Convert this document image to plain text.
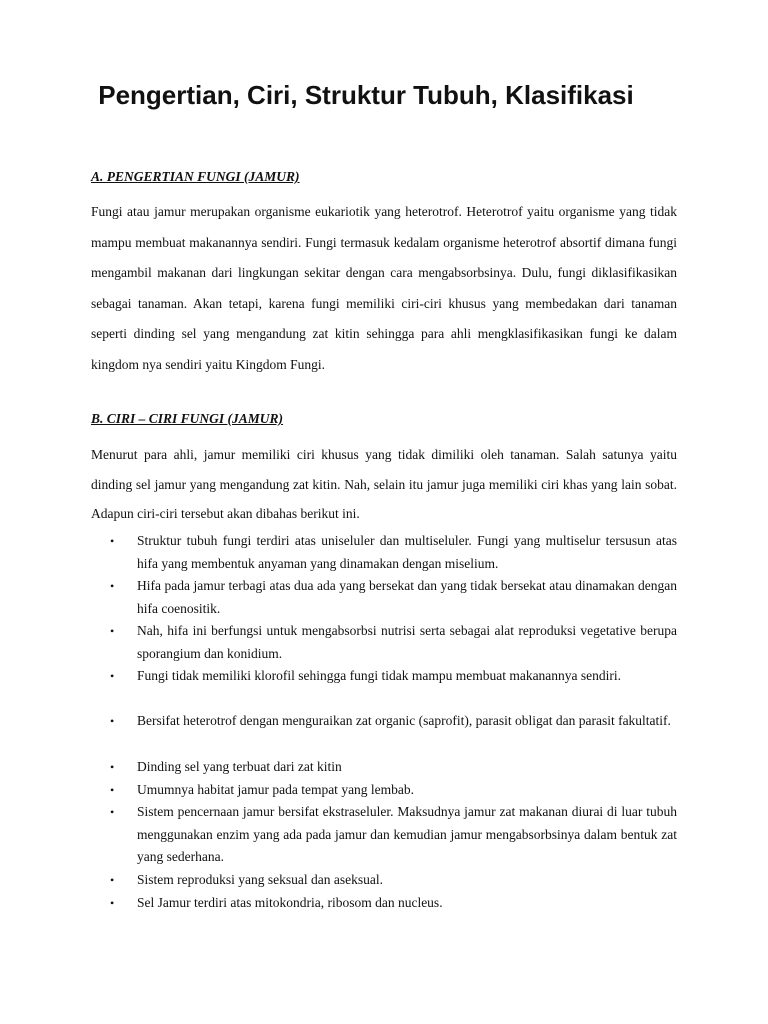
Pengertian, Ciri, Struktur Tubuh, Klasifikasi
A. PENGERTIAN FUNGI (JAMUR)

Fungi atau jamur merupakan organisme eukariotik yang heterotrof. Heterotrof yaitu organisme yang tidak mampu membuat makanannya sendiri. Fungi termasuk kedalam organisme heterotrof absortif dimana fungi mengambil makanan dari lingkungan sekitar dengan cara mengabsorbsinya. Dulu, fungi diklasifikasikan sebagai tanaman. Akan tetapi, karena fungi memiliki ciri-ciri khusus yang membedakan dari tanaman seperti dinding sel yang mengandung zat kitin sehingga para ahli mengklasifikasikan fungi ke dalam kingdom nya sendiri yaitu Kingdom Fungi.

B. CIRI – CIRI FUNGI (JAMUR)

Menurut para ahli, jamur memiliki ciri khusus yang tidak dimiliki oleh tanaman. Salah satunya yaitu dinding sel jamur yang mengandung zat kitin. Nah, selain itu jamur juga memiliki ciri khas yang lain sobat. Adapun ciri-ciri tersebut akan dibahas berikut ini.

• Struktur tubuh fungi terdiri atas uniseluler dan multiseluler. Fungi yang multiselur tersusun atas hifa yang membentuk anyaman yang dinamakan dengan miselium.
• Hifa pada jamur terbagi atas dua ada yang bersekat dan yang tidak bersekat atau dinamakan dengan hifa coenositik.
• Nah, hifa ini berfungsi untuk mengabsorbsi nutrisi serta sebagai alat reproduksi vegetative berupa sporangium dan konidium.
• Fungi tidak memiliki klorofil sehingga fungi tidak mampu membuat makanannya sendiri.
• Bersifat heterotrof dengan menguraikan zat organic (saprofit), parasit obligat dan parasit fakultatif.
• Dinding sel yang terbuat dari zat kitin
• Umumnya habitat jamur pada tempat yang lembab.
• Sistem pencernaan jamur bersifat ekstraseluler. Maksudnya jamur zat makanan diurai di luar tubuh menggunakan enzim yang ada pada jamur dan kemudian jamur mengabsorbsinya dalam bentuk zat yang sederhana.
• Sistem reproduksi yang seksual dan aseksual.
• Sel Jamur terdiri atas mitokondria, ribosom dan nucleus.
